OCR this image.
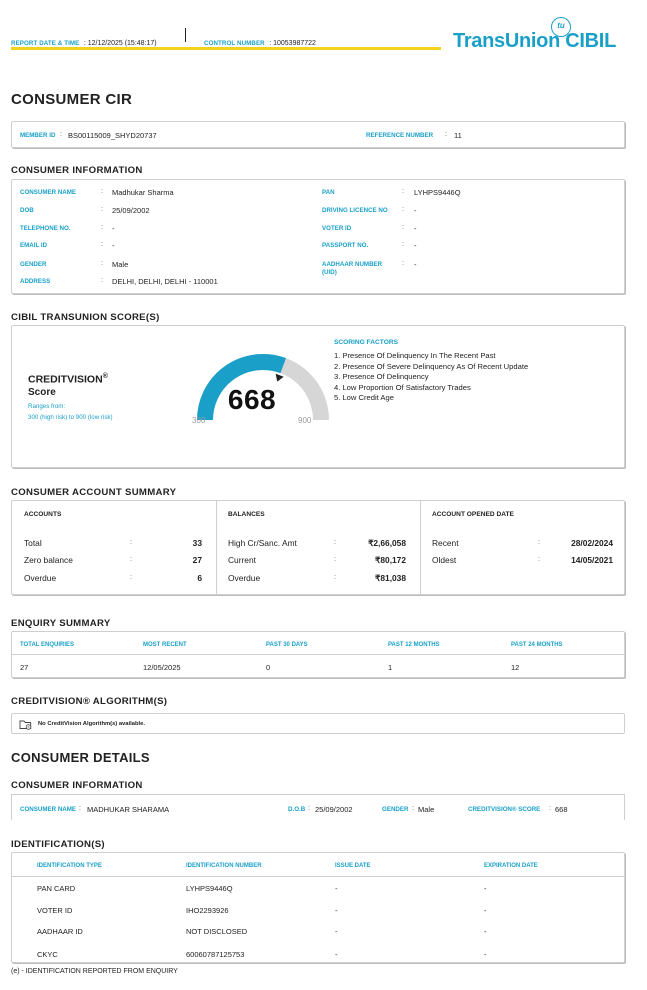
REPORT DATE & TIME : 12/12/2025 (15:48:17)	CONTROL NUMBER : 10053987722	TransUnion CIBIL
tu
CONSUMER CIR
MEMBER ID : BS00115009_SHYD20737	REFERENCE NUMBER : 11
CONSUMER INFORMATION
CONSUMER NAME	: Madhukar Sharma
DOB	: 25/09/2002
TELEPHONE NO.	: -
EMAIL ID	: -
GENDER	: Male
ADDRESS	: DELHI, DELHI, DELHI - 110001
PAN	: LYHPS9446Q
DRIVING LICENCE NO : -
VOTER ID	: -
PASSPORT NO.	: -
AADHAAR NUMBER (UID)
: -
CIBIL TRANSUNION SCORE(S)
CREDITVISION®
Score
Ranges from:
300 (high risk) to 900 (low risk)
668
300	900
SCORING FACTORS
1. Presence Of Delinquency In The Recent Past
2. Presence Of Severe Delinquency As Of Recent Update
3. Presence Of Delinquency
4. Low Proportion Of Satisfactory Trades
5. Low Credit Age
CONSUMER ACCOUNT SUMMARY
ACCOUNTS
Total	:	33
Zero balance	:	27
Overdue	:	6
BALANCES
High Cr/Sanc. Amt	:	₹2,66,058
Current	:	₹80,172
Overdue	:	₹81,038
ACCOUNT OPENED DATE
Recent	:	28/02/2024
Oldest	:	14/05/2021
ENQUIRY SUMMARY
TOTAL ENQUIRIES	MOST RECENT	PAST 30 DAYS	PAST 12 MONTHS	PAST 24 MONTHS
27	12/05/2025	0	1	12
CREDITVISION® ALGORITHM(S)
No CreditVision Algorithm(s) available.
CONSUMER DETAILS
CONSUMER INFORMATION
CONSUMER NAME : MADHUKAR SHARAMA	D.O.B : 25/09/2002	GENDER : Male	CREDITVISION® SCORE : 668
IDENTIFICATION(S)
IDENTIFICATION TYPE	IDENTIFICATION NUMBER	ISSUE DATE	EXPIRATION DATE
PAN CARD	LYHPS9446Q	-	-
VOTER ID	IHO2293926	-	-
AADHAAR ID	NOT DISCLOSED	-	-
CKYC	60060787125753	-	-
(e) - IDENTIFICATION REPORTED FROM ENQUIRY
